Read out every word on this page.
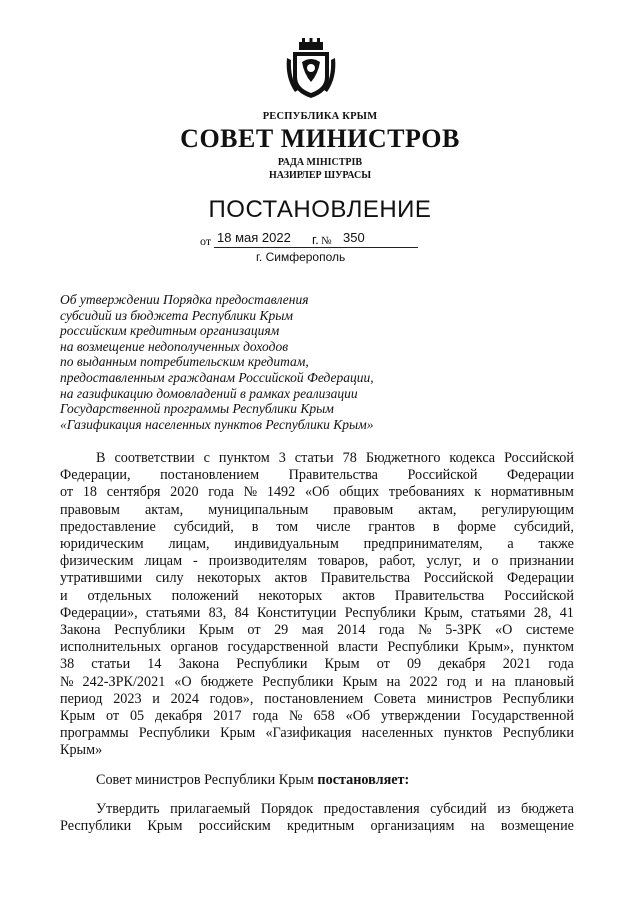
РЕСПУБЛИКА КРЫМ
СОВЕТ МИНИСТРОВ
РАДА МІНІСТРІВ
НАЗИРЛЕР ШУРАСЫ
ПОСТАНОВЛЕНИЕ
от 18 мая 2022 г. № 350
г. Симферополь
Об утверждении Порядка предоставления
субсидий из бюджета Республики Крым
российским кредитным организациям
на возмещение недополученных доходов
по выданным потребительским кредитам,
предоставленным гражданам Российской Федерации,
на газификацию домовладений в рамках реализации
Государственной программы Республики Крым
«Газификация населенных пунктов Республики Крым»
В соответствии с пунктом 3 статьи 78 Бюджетного кодекса Российской
Федерации, постановлением Правительства Российской Федерации
от 18 сентября 2020 года № 1492 «Об общих требованиях к нормативным
правовым актам, муниципальным правовым актам, регулирующим
предоставление субсидий, в том числе грантов в форме субсидий,
юридическим лицам, индивидуальным предпринимателям, а также
физическим лицам - производителям товаров, работ, услуг, и о признании
утратившими силу некоторых актов Правительства Российской Федерации
и отдельных положений некоторых актов Правительства Российской
Федерации», статьями 83, 84 Конституции Республики Крым, статьями 28, 41
Закона Республики Крым от 29 мая 2014 года № 5-ЗРК «О системе
исполнительных органов государственной власти Республики Крым», пунктом
38 статьи 14 Закона Республики Крым от 09 декабря 2021 года
№ 242-ЗРК/2021 «О бюджете Республики Крым на 2022 год и на плановый
период 2023 и 2024 годов», постановлением Совета министров Республики
Крым от 05 декабря 2017 года № 658 «Об утверждении Государственной
программы Республики Крым «Газификация населенных пунктов Республики
Крым»
Совет министров Республики Крым постановляет:
Утвердить прилагаемый Порядок предоставления субсидий из бюджета
Республики Крым российским кредитным организациям на возмещение
